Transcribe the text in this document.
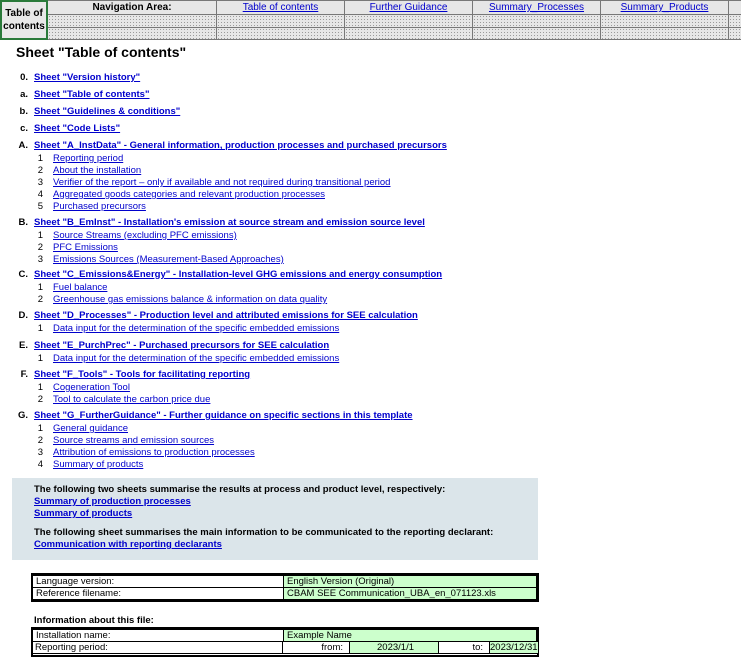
Table of
contents
Navigation Area:	Table of contents	Further Guidance	Summary_Processes	Summary_Products
Sheet "Table of contents"
0. Sheet "Version history"
a. Sheet "Table of contents"
b. Sheet "Guidelines & conditions"
c. Sheet "Code Lists"
A. Sheet "A_InstData" - General information, production processes and purchased precursors
1 Reporting period
2 About the installation
3 Verifier of the report – only if available and not required during transitional period
4 Aggregated goods categories and relevant production processes
5 Purchased precursors
B. Sheet "B_EmInst" - Installation's emission at source stream and emission source level
1 Source Streams (excluding PFC emissions)
2 PFC Emissions
3 Emissions Sources (Measurement-Based Approaches)
C. Sheet "C_Emissions&Energy" - Installation-level GHG emissions and energy consumption
1 Fuel balance
2 Greenhouse gas emissions balance & information on data quality
D. Sheet "D_Processes" - Production level and attributed emissions for SEE calculation
1 Data input for the determination of the specific embedded emissions
E. Sheet "E_PurchPrec" - Purchased precursors for SEE calculation
1 Data input for the determination of the specific embedded emissions
F. Sheet "F_Tools" - Tools for facilitating reporting
1 Cogeneration Tool
2 Tool to calculate the carbon price due
G. Sheet "G_FurtherGuidance" - Further guidance on specific sections in this template
1 General guidance
2 Source streams and emission sources
3 Attribution of emissions to production processes
4 Summary of products
The following two sheets summarise the results at process and product level, respectively:
Summary of production processes
Summary of products
The following sheet summarises the main information to be communicated to the reporting declarant:
Communication with reporting declarants
Language version:	English Version (Original)
Reference filename:	CBAM SEE Communication_UBA_en_071123.xls
Information about this file:
Installation name:	Example Name
Reporting period:	from:	2023/1/1	to: 2023/12/31
